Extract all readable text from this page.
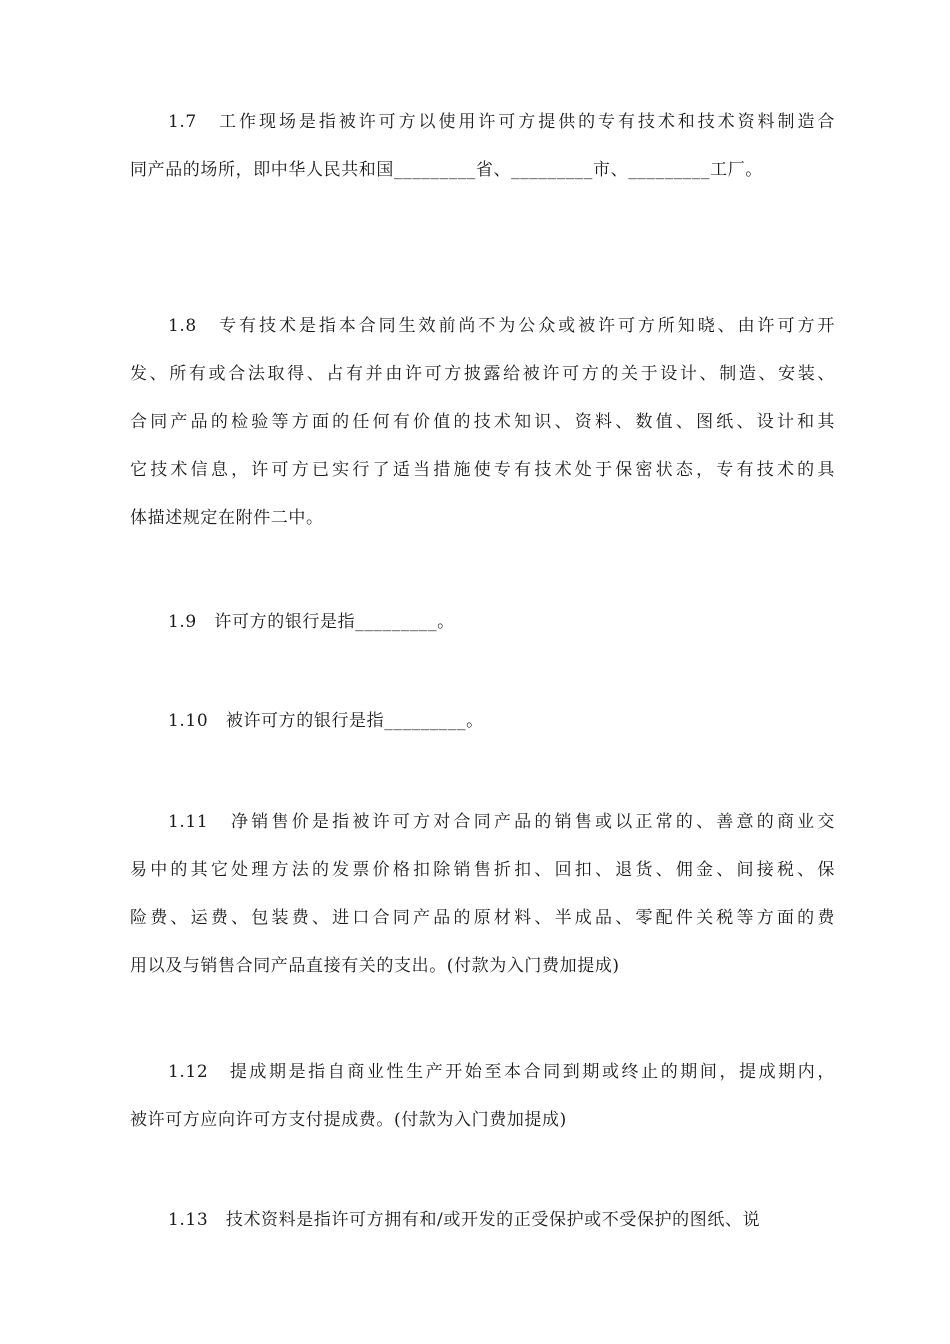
1.7　工作现场是指被许可方以使用许可方提供的专有技术和技术资料制造合
同产品的场所，即中华人民共和国_________省、_________市、_________工厂。
1.8　专有技术是指本合同生效前尚不为公众或被许可方所知晓、由许可方开
发、所有或合法取得、占有并由许可方披露给被许可方的关于设计、制造、安装、
合同产品的检验等方面的任何有价值的技术知识、资料、数值、图纸、设计和其
它技术信息，许可方已实行了适当措施使专有技术处于保密状态，专有技术的具
体描述规定在附件二中。
1.9　许可方的银行是指_________。
1.10　被许可方的银行是指_________。
1.11　净销售价是指被许可方对合同产品的销售或以正常的、善意的商业交
易中的其它处理方法的发票价格扣除销售折扣、回扣、退货、佣金、间接税、保
险费、运费、包装费、进口合同产品的原材料、半成品、零配件关税等方面的费
用以及与销售合同产品直接有关的支出。(付款为入门费加提成)
1.12　提成期是指自商业性生产开始至本合同到期或终止的期间，提成期内，
被许可方应向许可方支付提成费。(付款为入门费加提成)
1.13　技术资料是指许可方拥有和/或开发的正受保护或不受保护的图纸、说
